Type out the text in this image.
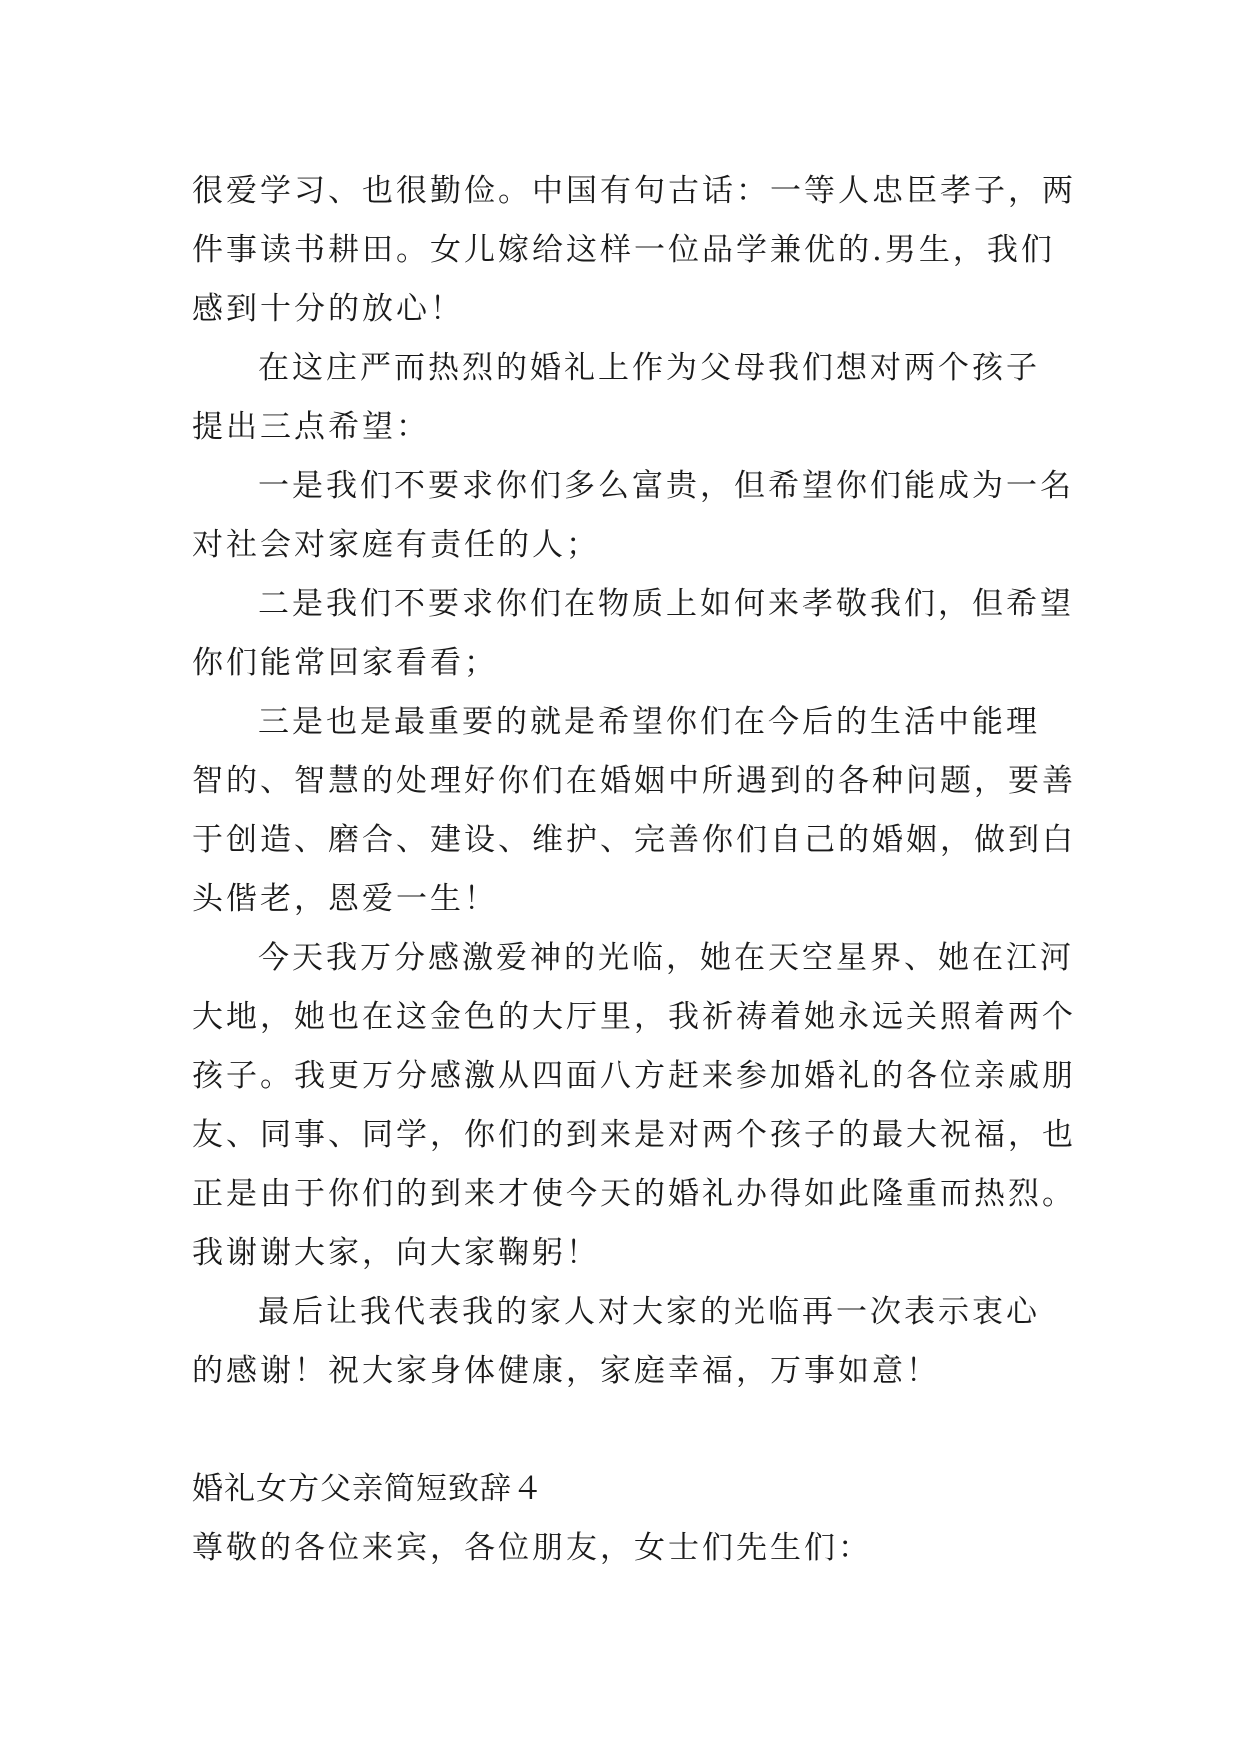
很爱学习、也很勤俭。中国有句古话：一等人忠臣孝子，两
件事读书耕田。女儿嫁给这样一位品学兼优的.男生，我们
感到十分的放心！
在这庄严而热烈的婚礼上作为父母我们想对两个孩子
提出三点希望：
一是我们不要求你们多么富贵，但希望你们能成为一名
对社会对家庭有责任的人；
二是我们不要求你们在物质上如何来孝敬我们，但希望
你们能常回家看看；
三是也是最重要的就是希望你们在今后的生活中能理
智的、智慧的处理好你们在婚姻中所遇到的各种问题，要善
于创造、磨合、建设、维护、完善你们自己的婚姻，做到白
头偕老，恩爱一生！
今天我万分感激爱神的光临，她在天空星界、她在江河
大地，她也在这金色的大厅里，我祈祷着她永远关照着两个
孩子。我更万分感激从四面八方赶来参加婚礼的各位亲戚朋
友、同事、同学，你们的到来是对两个孩子的最大祝福，也
正是由于你们的到来才使今天的婚礼办得如此隆重而热烈。
我谢谢大家，向大家鞠躬！
最后让我代表我的家人对大家的光临再一次表示衷心
的感谢！祝大家身体健康，家庭幸福，万事如意！
婚礼女方父亲简短致辞４
尊敬的各位来宾，各位朋友，女士们先生们：
